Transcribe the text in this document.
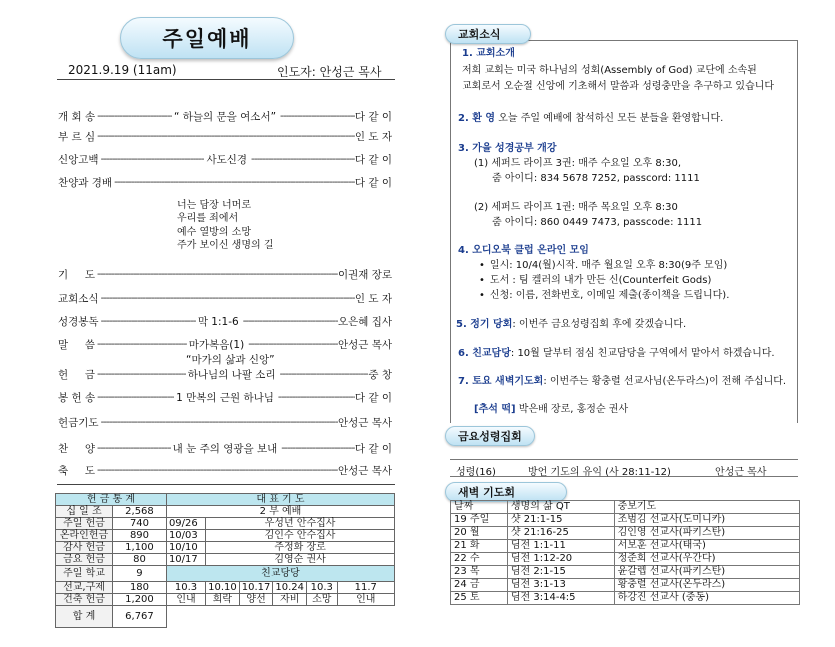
주일예배
2021.9.19 (11am)	인도자: 안성근 목사
개 회 송 -----	“ 하늘의 문을 여소서” -----	다 같 이
부 르 심 -----	인 도 자
신앙고백 -----	사도신경 -----	다 같 이
찬양과 경배 -----	다 같 이
기     도 -----	이권재 장로
교회소식 -----	인 도 자
성경봉독 -----	막 1:1-6 -----	오은혜 집사
말     씀 -----	마가복음(1) -----	안성근 목사
헌     금 -----	하나님의 나팔 소리 -----	중 창
봉 헌 송 -----	1 만복의 근원 하나님 -----	다 같 이
헌금기도 -----	안성근 목사
찬     양 -----	내 눈 주의 영광을 보내 -----	다 같 이
축     도 -----	안성근 목사
너는 담장 너머로
우리를 죄에서
예수 열방의 소망
주가 보이신 생명의 길
“마가의 삶과 신앙”
헌 금 통 계		대 표 기 도					
십 일 조	2,568	2 부 예배					
주일 헌금	740	09/26	우성년 안수집사				
온라인헌금	890	10/03	김인수 안수집사				
감사 헌금	1,100	10/10	주정화 장로				
금요 헌금	80	10/17	김영순 권사				
주일 학교	9	친교당당					
선교,구제	180	10.3	10.10	10.17	10.24	10.3	11.7
건축 헌금	1,200	인내	희락	양선	자비	소망	인내
합 계	6,767						
교회소식
1. 교회소개
저희 교회는 미국 하나님의 성회(Assembly of God) 교단에 소속된
교회로서 오순절 신앙에 기초해서 말씀과 성령충만을 추구하고 있습니다
2. 환 영 오늘 주일 예배에 참석하신 모든 분들을 환영합니다.
3. 가을 성경공부 개강
(1) 세퍼드 라이프 3권: 매주 수요일 오후 8:30,
줌 아이디: 834 5678 7252, passcord: 1111
(2) 세퍼드 라이프 1권: 매주 목요일 오후 8:30
줌 아이디: 860 0449 7473, passcode: 1111
4. 오디오북 클럽 온라인 모임
• 일시: 10/4(월)시작. 매주 월요일 오후 8:30(9주 모임)
• 도서 : 팀 켈러의 내가 만든 신(Counterfeit Gods)
• 신청: 이름, 전화번호, 이메일 제출(종이책을 드립니다).
5. 정기 당회: 이번주 금요성령집회 후에 갖겠습니다.
6. 친교담당: 10월 달부터 점심 친교담당을 구역에서 맡아서 하겠습니다.
7. 토요 새벽기도회: 이번주는 황충렬 선교사님(온두라스)이 전해 주십니다.
[추석 떡] 박은배 장로, 홍정순 권사
금요성령집회
성령(16)	방언 기도의 유익 (사 28:11-12)	안성근 목사
새벽 기도회
날짜	생명의 삶 QT	중보기도
19 주일	샷 21:1-15	조범김 선교사(도미니카)
20 월	샷 21:16-25	김인영 선교사(파키스탄)
21 화	딤전 1:1-11	서보훈 선교사(태국)
22 수	딤전 1:12-20	정준희 선교사(우간다)
23 목	딤전 2:1-15	윤갈렙 선교사(파키스탄)
24 금	딤전 3:1-13	황충렬 선교사(온두라스)
25 토	딤전 3:14-4:5	하강진 선교사 (중동)
